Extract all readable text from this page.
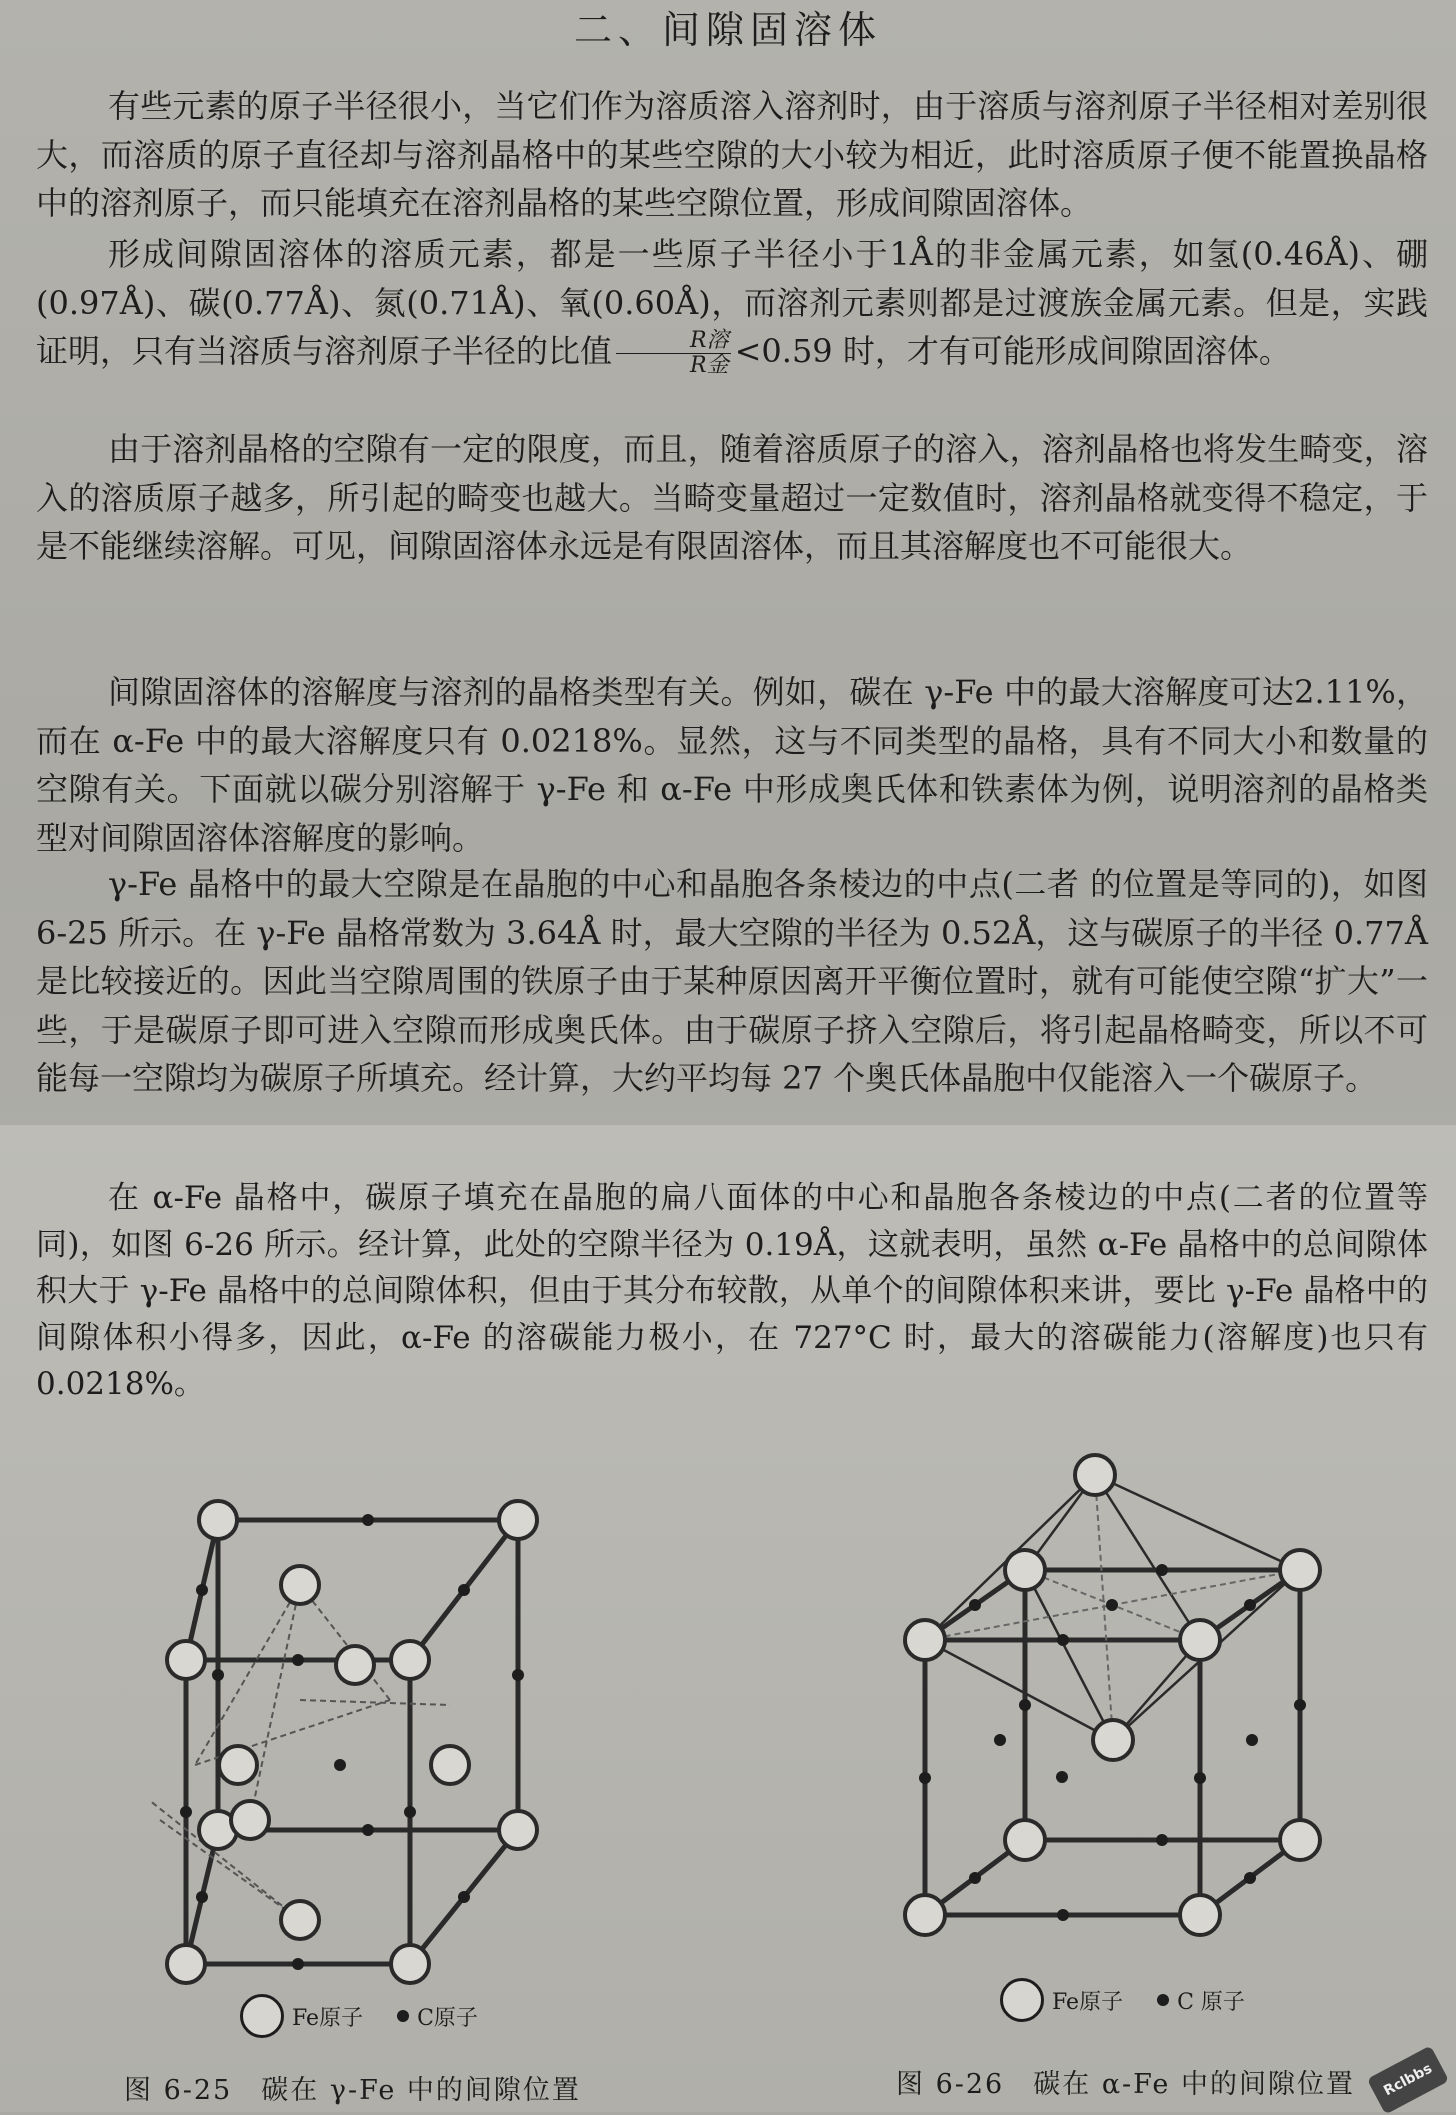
二、间隙固溶体

有些元素的原子半径很小，当它们作为溶质溶入溶剂时，由于溶质与溶剂原子半径相对差别很大，而溶质的原子直径却与溶剂晶格中的某些空隙的大小较为相近，此时溶质原子便不能置换晶格中的溶剂原子，而只能填充在溶剂晶格的某些空隙位置，形成间隙固溶体。

形成间隙固溶体的溶质元素，都是一些原子半径小于1Å的非金属元素，如氢(0.46Å)、硼(0.97Å)、碳(0.77Å)、氮(0.71Å)、氧(0.60Å)，而溶剂元素则都是过渡族金属元素。但是，实践证明，只有当溶质与溶剂原子半径的比值 $\frac{\text{R溶}}{\text{R金}} <0.59$ 时，才有可能形成间隙固溶体。

由于溶剂晶格的空隙有一定的限度，而且，随着溶质原子的溶入，溶剂晶格也将发生畸变，溶入的溶质原子越多，所引起的畸变也越大。当畸变量超过一定数值时，溶剂晶格就变得不稳定，于是不能继续溶解。可见，间隙固溶体永远是有限固溶体，而且其溶解度也不可能很大。

间隙固溶体的溶解度与溶剂的晶格类型有关。例如，碳在 γ-Fe 中的最大溶解度可达2.11%，而在 α-Fe 中的最大溶解度只有 0.0218%。显然，这与不同类型的晶格，具有不同大小和数量的空隙有关。下面就以碳分别溶解于 γ-Fe 和 α-Fe 中形成奥氏体和铁素体为例，说明溶剂的晶格类型对间隙固溶体溶解度的影响。

γ-Fe 晶格中的最大空隙是在晶胞的中心和晶胞各条棱边的中点(二者 的位置是等同的)，如图 6-25 所示。在 γ-Fe 晶格常数为 3.64Å 时，最大空隙的半径为 0.52Å，这与碳原子的半径 0.77Å 是比较接近的。因此当空隙周围的铁原子由于某种原因离开平衡位置时，就有可能使空隙“扩大”一些，于是碳原子即可进入空隙而形成奥氏体。由于碳原子挤入空隙后，将引起晶格畸变，所以不可能每一空隙均为碳原子所填充。经计算，大约平均每 27 个奥氏体晶胞中仅能溶入一个碳原子。

在 α-Fe 晶格中，碳原子填充在晶胞的扁八面体的中心和晶胞各条棱边的中点(二者的位置等同)，如图 6-26 所示。经计算，此处的空隙半径为 0.19Å，这就表明，虽然 α-Fe 晶格中的总间隙体积大于 γ-Fe 晶格中的总间隙体积，但由于其分布较散，从单个的间隙体积来讲，要比 γ-Fe 晶格中的间隙体积小得多，因此，α-Fe 的溶碳能力极小，在 727°C 时，最大的溶碳能力(溶解度)也只有 0.0218%。

Fe原子 C原子
图 6-25　碳在 γ-Fe 中的间隙位置
Fe原子 C 原子
图 6-26　碳在 α-Fe 中的间隙位置	Rclbbs
